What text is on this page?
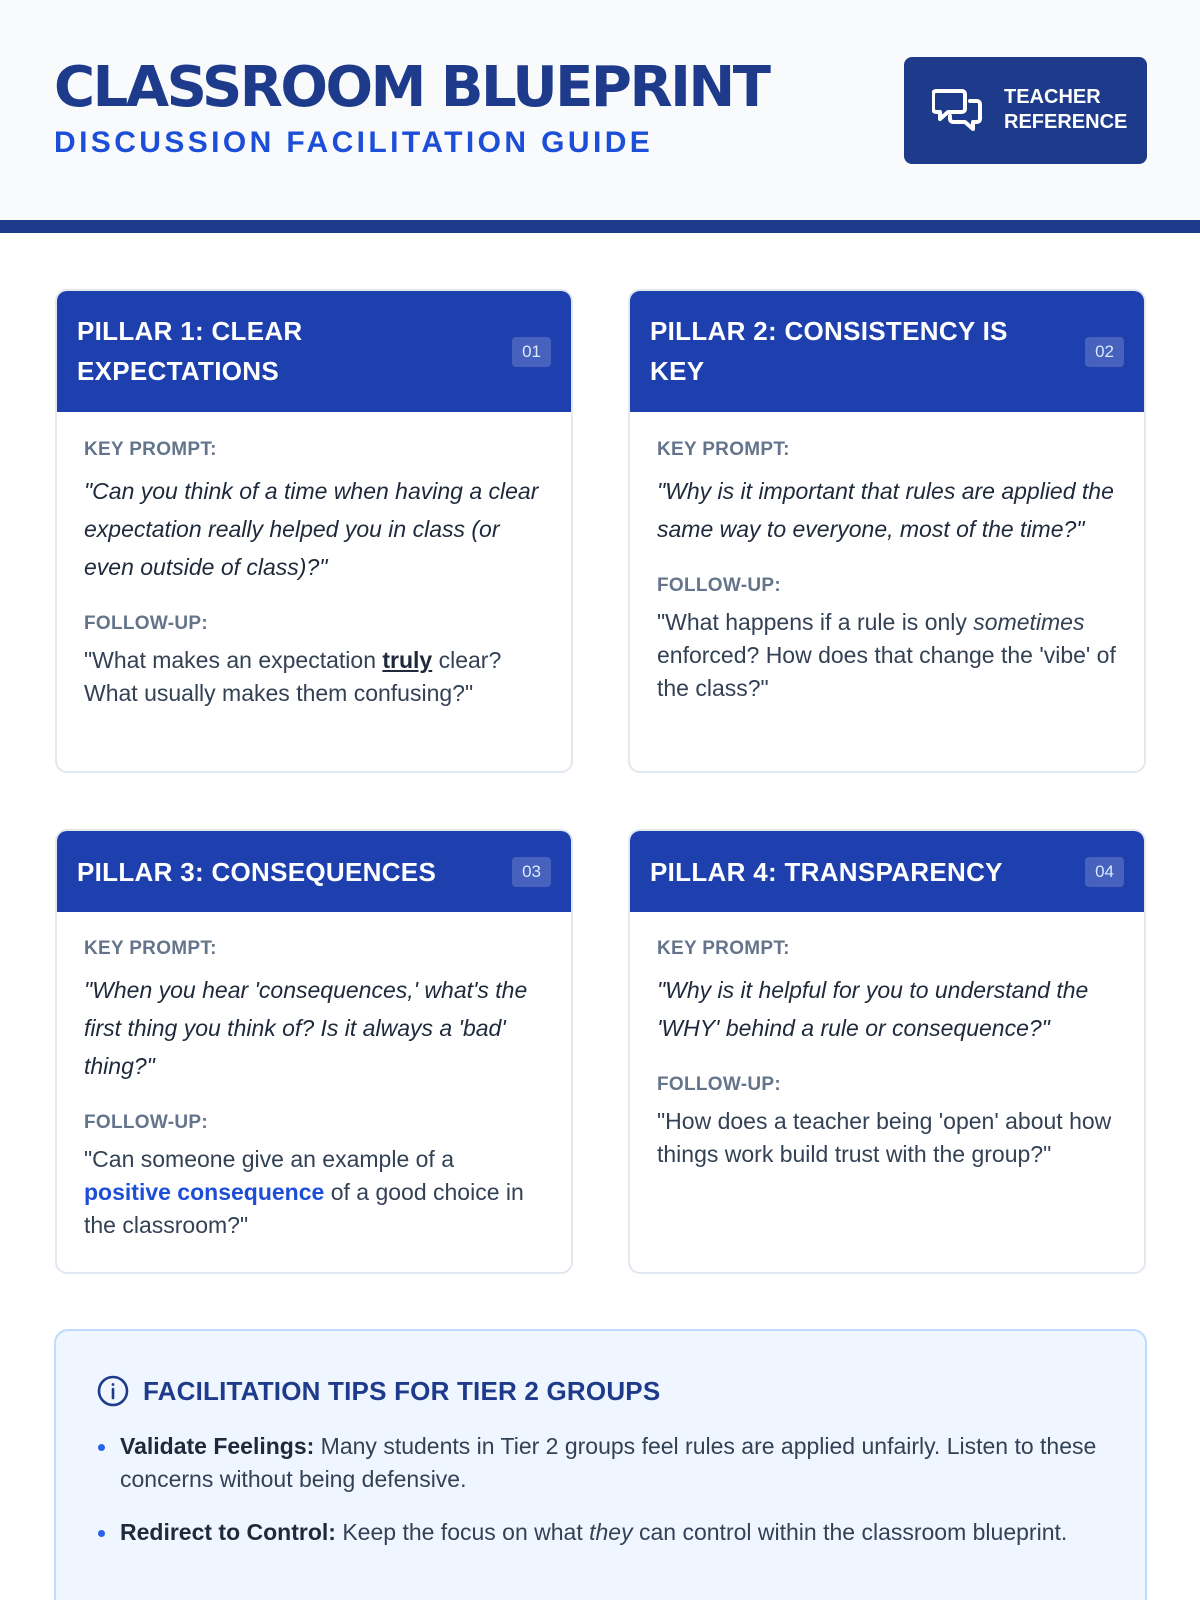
CLASSROOM BLUEPRINT
DISCUSSION FACILITATION GUIDE
TEACHER
REFERENCE
PILLAR 1: CLEAR
EXPECTATIONS
01
KEY PROMPT:
"Can you think of a time when having a clear expectation really helped you in class (or even outside of class)?"
FOLLOW-UP:
"What makes an expectation truly clear? What usually makes them confusing?"
PILLAR 2: CONSISTENCY IS
KEY
02
KEY PROMPT:
"Why is it important that rules are applied the same way to everyone, most of the time?"
FOLLOW-UP:
"What happens if a rule is only sometimes enforced? How does that change the 'vibe' of the class?"
PILLAR 3: CONSEQUENCES	03
KEY PROMPT:
"When you hear 'consequences,' what's the first thing you think of? Is it always a 'bad' thing?"
FOLLOW-UP:
"Can someone give an example of a positive consequence of a good choice in the classroom?"
PILLAR 4: TRANSPARENCY	04
KEY PROMPT:
"Why is it helpful for you to understand the 'WHY' behind a rule or consequence?"
FOLLOW-UP:
"How does a teacher being 'open' about how things work build trust with the group?"
FACILITATION TIPS FOR TIER 2 GROUPS
Validate Feelings: Many students in Tier 2 groups feel rules are applied unfairly. Listen to these concerns without being defensive.
Redirect to Control: Keep the focus on what they can control within the classroom blueprint.
